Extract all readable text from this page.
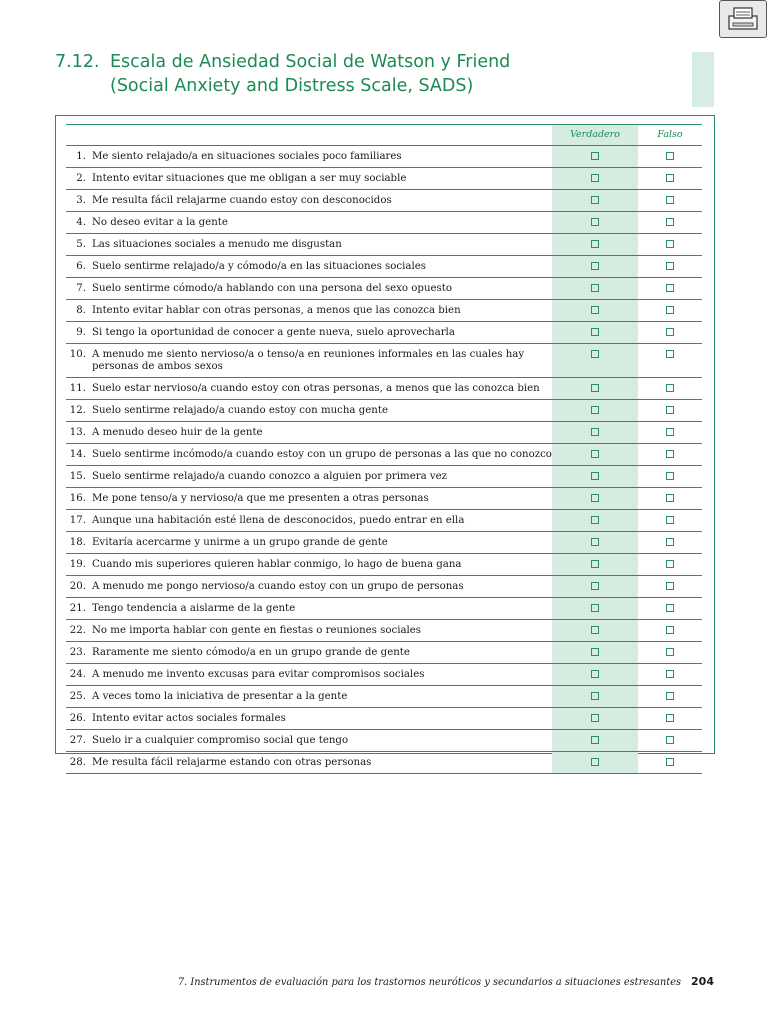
7.12. Escala de Ansiedad Social de Watson y Friend
(Social Anxiety and Distress Scale, SADS)
Verdadero	Falso
1. Me siento relajado/a en situaciones sociales poco familiares
2. Intento evitar situaciones que me obligan a ser muy sociable
3. Me resulta fácil relajarme cuando estoy con desconocidos
4. No deseo evitar a la gente
5. Las situaciones sociales a menudo me disgustan
6. Suelo sentirme relajado/a y cómodo/a en las situaciones sociales
7. Suelo sentirme cómodo/a hablando con una persona del sexo opuesto
8. Intento evitar hablar con otras personas, a menos que las conozca bien
9. Si tengo la oportunidad de conocer a gente nueva, suelo aprovecharla
10. A menudo me siento nervioso/a o tenso/a en reuniones informales en las cuales hay personas de ambos sexos
11. Suelo estar nervioso/a cuando estoy con otras personas, a menos que las conozca bien
12. Suelo sentirme relajado/a cuando estoy con mucha gente
13. A menudo deseo huir de la gente
14. Suelo sentirme incómodo/a cuando estoy con un grupo de personas a las que no conozco
15. Suelo sentirme relajado/a cuando conozco a alguien por primera vez
16. Me pone tenso/a y nervioso/a que me presenten a otras personas
17. Aunque una habitación esté llena de desconocidos, puedo entrar en ella
18. Evitaría acercarme y unirme a un grupo grande de gente
19. Cuando mis superiores quieren hablar conmigo, lo hago de buena gana
20. A menudo me pongo nervioso/a cuando estoy con un grupo de personas
21. Tengo tendencia a aislarme de la gente
22. No me importa hablar con gente en fiestas o reuniones sociales
23. Raramente me siento cómodo/a en un grupo grande de gente
24. A menudo me invento excusas para evitar compromisos sociales
25. A veces tomo la iniciativa de presentar a la gente
26. Intento evitar actos sociales formales
27. Suelo ir a cualquier compromiso social que tengo
28. Me resulta fácil relajarme estando con otras personas
7. Instrumentos de evaluación para los trastornos neuróticos y secundarios a situaciones estresantes 204
